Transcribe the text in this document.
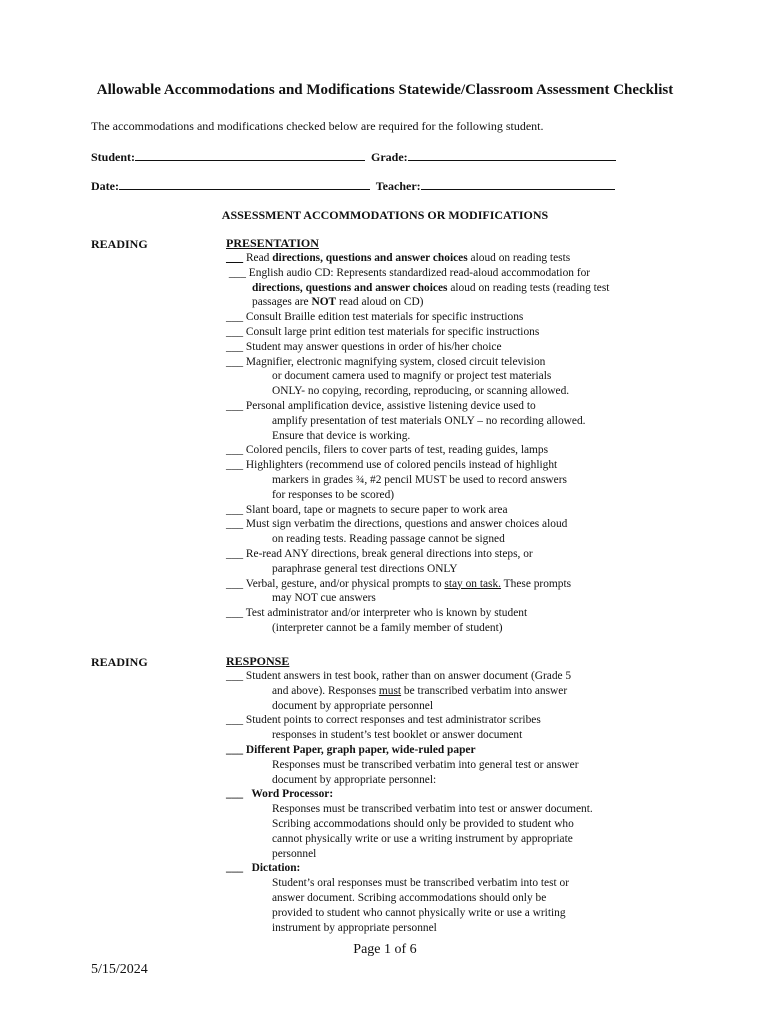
Allowable Accommodations and Modifications Statewide/Classroom Assessment Checklist
The accommodations and modifications checked below are required for the following student.
Student:	Grade:
Date:	Teacher:
ASSESSMENT ACCOMMODATIONS OR MODIFICATIONS
READING	PRESENTATION
___ Read directions, questions and answer choices aloud on reading tests
___ English audio CD: Represents standardized read-aloud accommodation for
directions, questions and answer choices aloud on reading tests (reading test
passages are NOT read aloud on CD)
___ Consult Braille edition test materials for specific instructions
___ Consult large print edition test materials for specific instructions
___ Student may answer questions in order of his/her choice
___ Magnifier, electronic magnifying system, closed circuit television
or document camera used to magnify or project test materials
ONLY- no copying, recording, reproducing, or scanning allowed.
___ Personal amplification device, assistive listening device used to
amplify presentation of test materials ONLY – no recording allowed.
Ensure that device is working.
___ Colored pencils, filers to cover parts of test, reading guides, lamps
___ Highlighters (recommend use of colored pencils instead of highlight
markers in grades ¾, #2 pencil MUST be used to record answers
for responses to be scored)
___ Slant board, tape or magnets to secure paper to work area
___ Must sign verbatim the directions, questions and answer choices aloud
on reading tests. Reading passage cannot be signed
___ Re-read ANY directions, break general directions into steps, or
paraphrase general test directions ONLY
___ Verbal, gesture, and/or physical prompts to stay on task. These prompts
may NOT cue answers
___ Test administrator and/or interpreter who is known by student
(interpreter cannot be a family member of student)
READING	RESPONSE
___ Student answers in test book, rather than on answer document (Grade 5
and above). Responses must be transcribed verbatim into answer
document by appropriate personnel
___ Student points to correct responses and test administrator scribes
responses in student’s test booklet or answer document
___ Different Paper, graph paper, wide-ruled paper
Responses must be transcribed verbatim into general test or answer
document by appropriate personnel:
___   Word Processor:
Responses must be transcribed verbatim into test or answer document.
Scribing accommodations should only be provided to student who
cannot physically write or use a writing instrument by appropriate
personnel
___   Dictation:
Student’s oral responses must be transcribed verbatim into test or
answer document. Scribing accommodations should only be
provided to student who cannot physically write or use a writing
instrument by appropriate personnel
Page 1 of 6
5/15/2024
